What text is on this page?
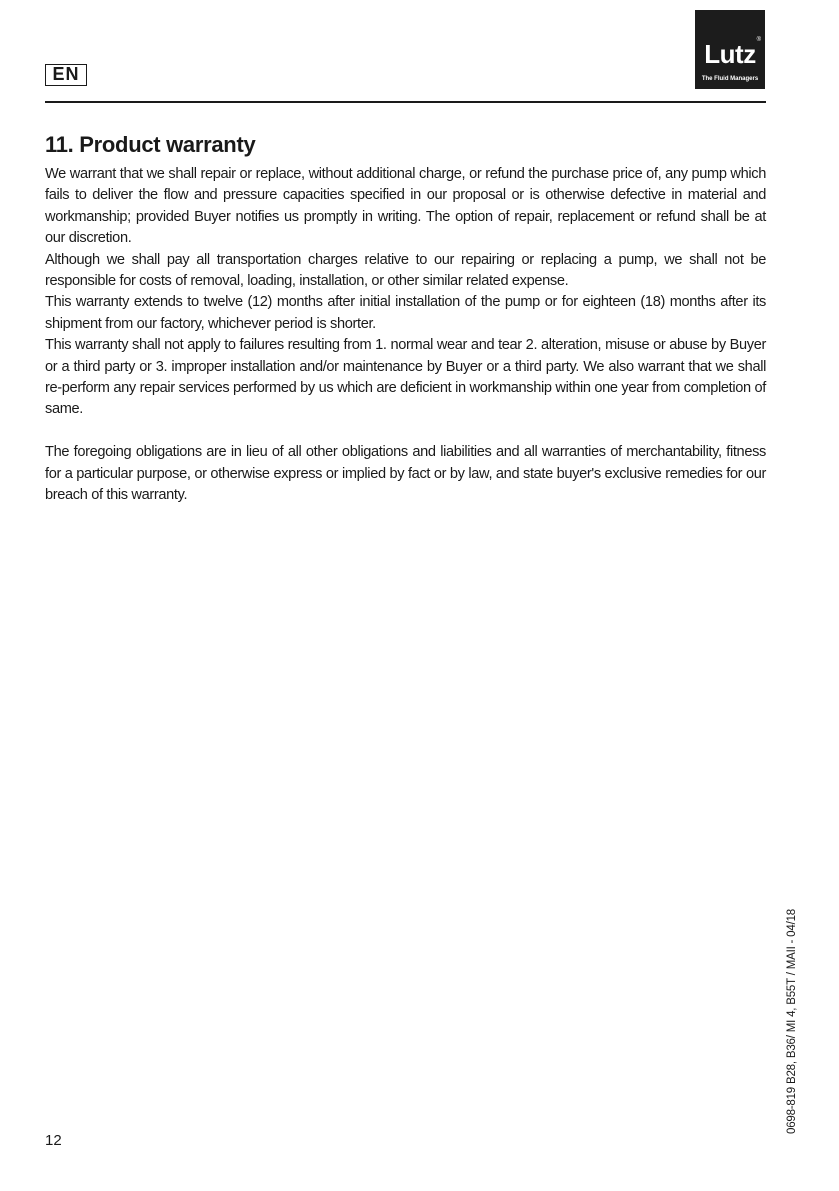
EN
Lutz ®
The Fluid Managers
11. Product warranty

We warrant that we shall repair or replace, without additional charge, or refund the purchase price of, any pump which fails to deliver the flow and pressure capacities specified in our proposal or is otherwise defective in material and workmanship; provided Buyer notifies us promptly in writing. The option of repair, replacement or refund shall be at our discretion.

Although we shall pay all transportation charges relative to our repairing or replacing a pump, we shall not be responsible for costs of removal, loading, installation, or other similar related expense.

This warranty extends to twelve (12) months after initial installation of the pump or for eighteen (18) months after its shipment from our factory, whichever period is shorter.

This warranty shall not apply to failures resulting from 1. normal wear and tear 2. alteration, misuse or abuse by Buyer or a third party or 3. improper installation and/or maintenance by Buyer or a third party. We also warrant that we shall re-perform any repair services performed by us which are deficient in workmanship within one year from completion of same.

The foregoing obligations are in lieu of all other obligations and liabilities and all warranties of merchantability, fitness for a particular purpose, or otherwise express or implied by fact or by law, and state buyer's exclusive remedies for our breach of this warranty.

12
0698-819 B28, B36/ MI 4, B55T / MAII - 04/18
